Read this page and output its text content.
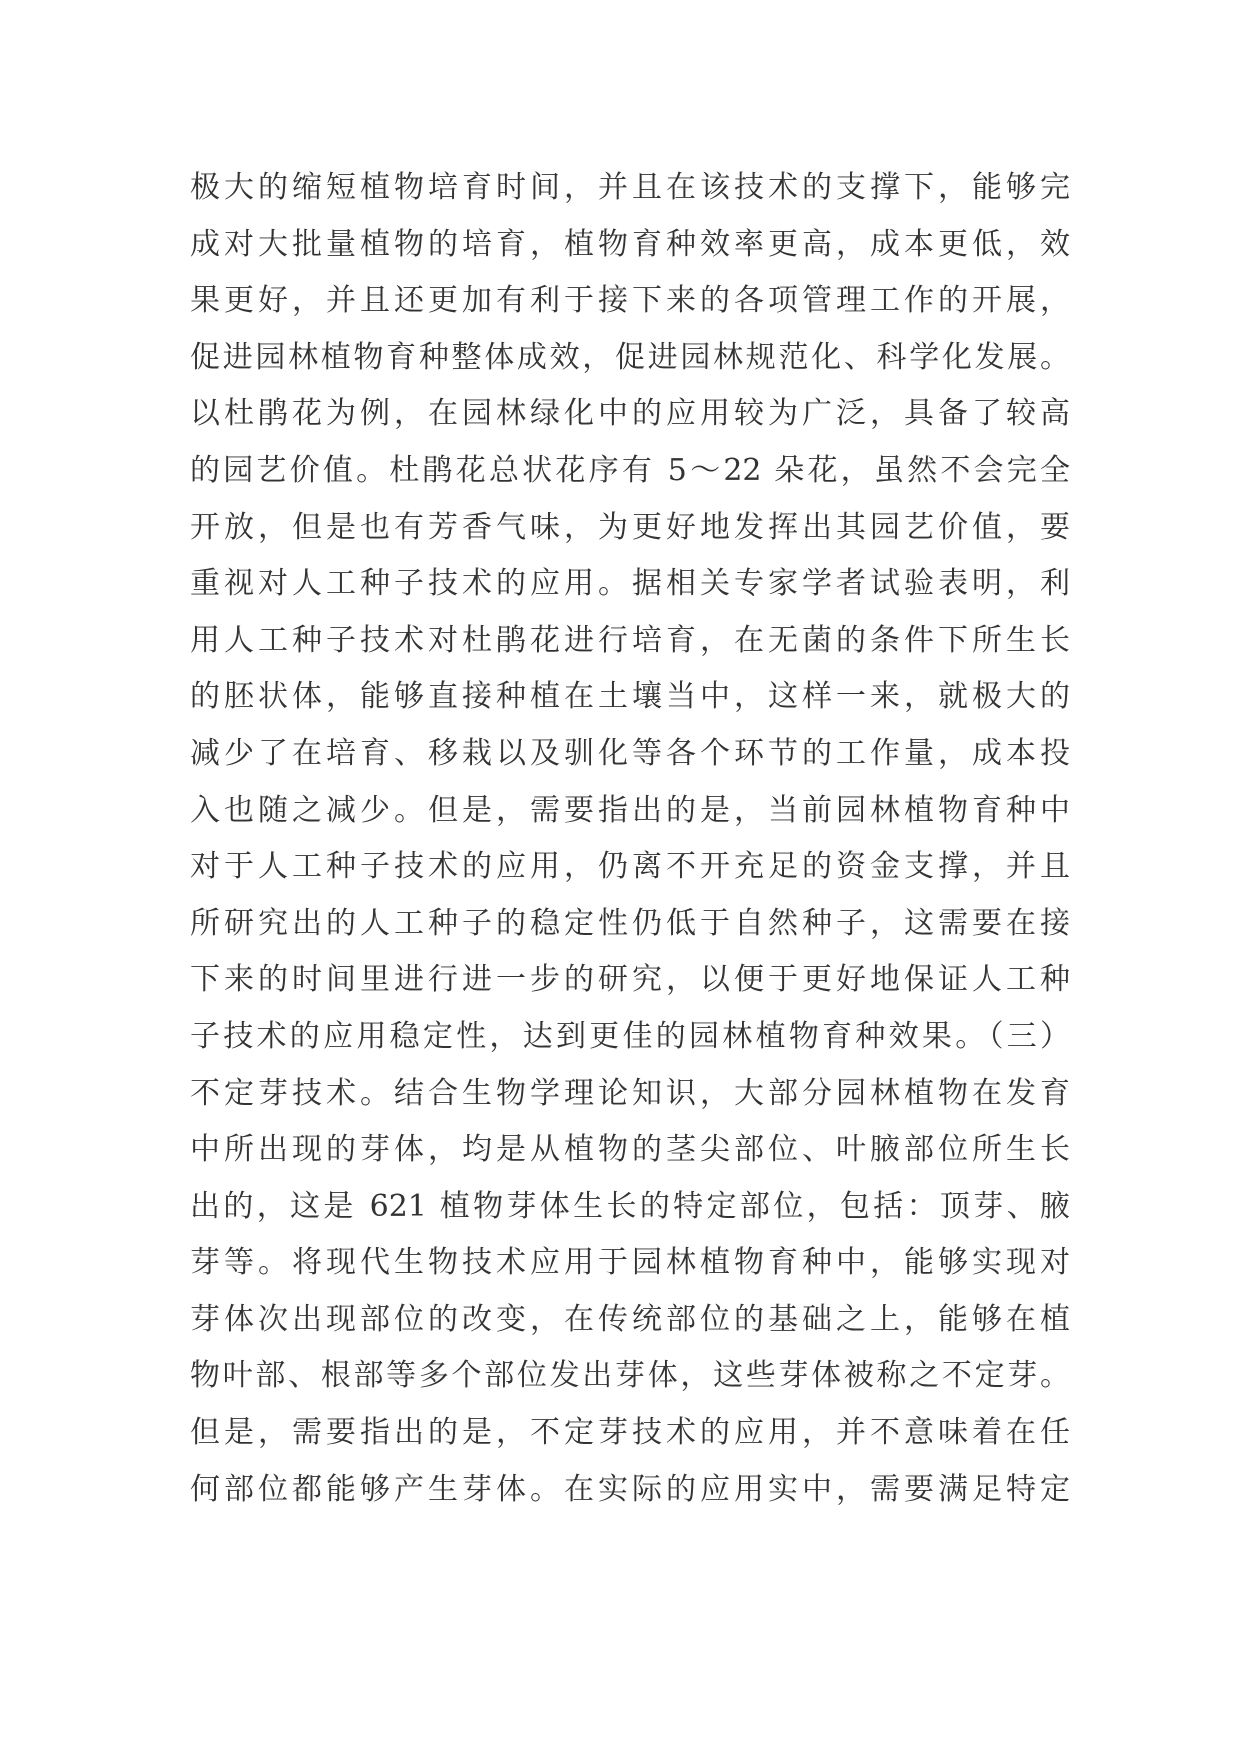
极大的缩短植物培育时间，并且在该技术的支撑下，能够完
成对大批量植物的培育，植物育种效率更高，成本更低，效
果更好，并且还更加有利于接下来的各项管理工作的开展，
促进园林植物育种整体成效，促进园林规范化、科学化发展。
以杜鹃花为例，在园林绿化中的应用较为广泛，具备了较高
的园艺价值。杜鹃花总状花序有 5～22 朵花，虽然不会完全
开放，但是也有芳香气味，为更好地发挥出其园艺价值，要
重视对人工种子技术的应用。据相关专家学者试验表明，利
用人工种子技术对杜鹃花进行培育，在无菌的条件下所生长
的胚状体，能够直接种植在土壤当中，这样一来，就极大的
减少了在培育、移栽以及驯化等各个环节的工作量，成本投
入也随之减少。但是，需要指出的是，当前园林植物育种中
对于人工种子技术的应用，仍离不开充足的资金支撑，并且
所研究出的人工种子的稳定性仍低于自然种子，这需要在接
下来的时间里进行进一步的研究，以便于更好地保证人工种
子技术的应用稳定性，达到更佳的园林植物育种效果。（三）
不定芽技术。结合生物学理论知识，大部分园林植物在发育
中所出现的芽体，均是从植物的茎尖部位、叶腋部位所生长
出的，这是 621 植物芽体生长的特定部位，包括：顶芽、腋
芽等。将现代生物技术应用于园林植物育种中，能够实现对
芽体次出现部位的改变，在传统部位的基础之上，能够在植
物叶部、根部等多个部位发出芽体，这些芽体被称之不定芽。
但是，需要指出的是，不定芽技术的应用，并不意味着在任
何部位都能够产生芽体。在实际的应用实中，需要满足特定
